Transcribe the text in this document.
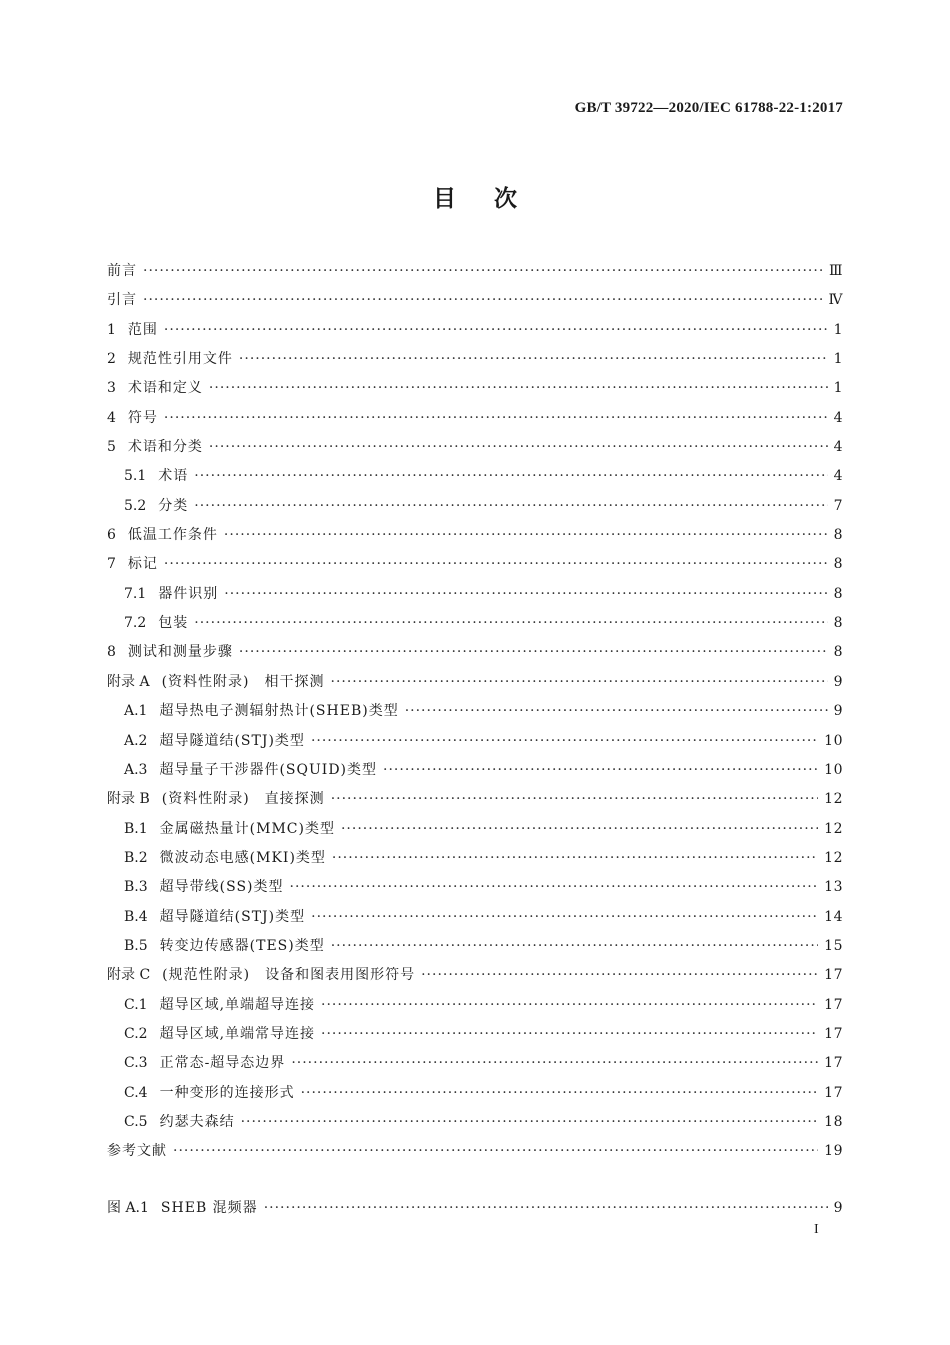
GB/T 39722—2020/IEC 61788-22-1:2017
目次
前言 ·····	Ⅲ
引言 ·····	Ⅳ
1 范围 ·····	1
2 规范性引用文件 ·····	1
3 术语和定义 ·····	1
4 符号 ·····	4
5 术语和分类 ·····	4
5.1 术语 ·····	4
5.2 分类 ·····	7
6 低温工作条件 ·····	8
7 标记 ·····	8
7.1 器件识别 ·····	8
7.2 包装 ·····	8
8 测试和测量步骤 ·····	8
附录 A (资料性附录)　相干探测 ·····	9
A.1 超导热电子测辐射热计(SHEB)类型 ·····	9
A.2 超导隧道结(STJ)类型 ·····	10
A.3 超导量子干涉器件(SQUID)类型 ·····	10
附录 B (资料性附录)　直接探测 ·····	12
B.1 金属磁热量计(MMC)类型 ·····	12
B.2 微波动态电感(MKI)类型 ·····	12
B.3 超导带线(SS)类型 ·····	13
B.4 超导隧道结(STJ)类型 ·····	14
B.5 转变边传感器(TES)类型 ·····	15
附录 C (规范性附录)　设备和图表用图形符号 ·····	17
C.1 超导区域,单端超导连接 ·····	17
C.2 超导区域,单端常导连接 ·····	17
C.3 正常态-超导态边界 ·····	17
C.4 一种变形的连接形式 ·····	17
C.5 约瑟夫森结 ·····	18
参考文献 ·····	19
图 A.1 SHEB 混频器 ·····	9
I
